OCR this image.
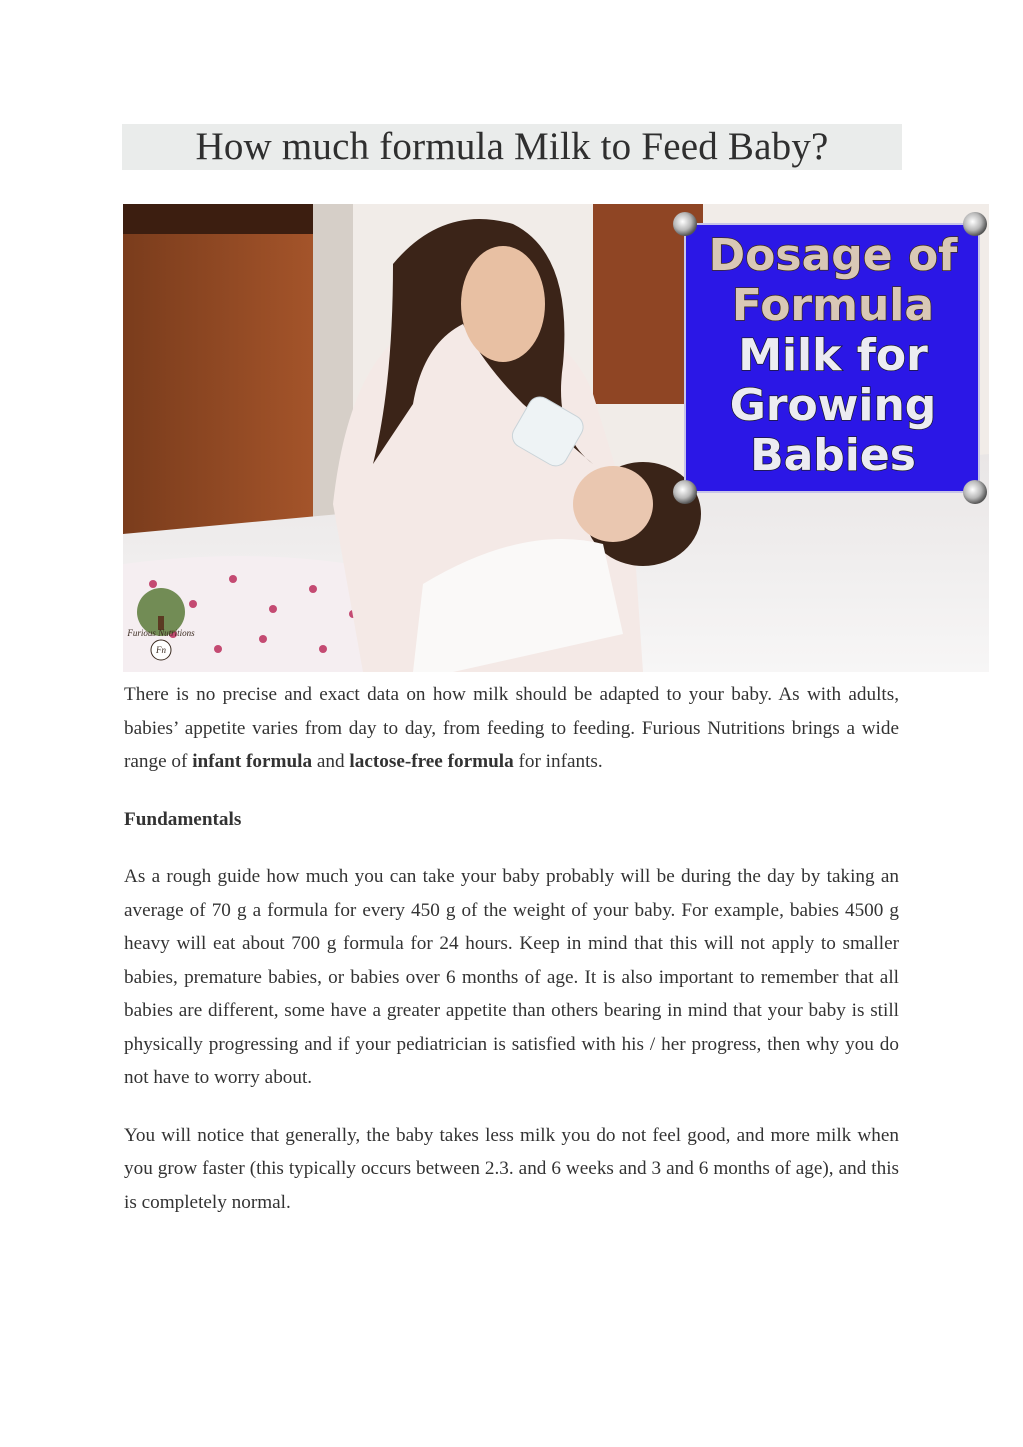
How much formula Milk to Feed Baby?
Dosage of
Formula
Milk for
Growing
Babies
Furious Nutritions
Fn

There is no precise and exact data on how milk should be adapted to your baby. As with adults, babies’ appetite varies from day to day, from feeding to feeding. Furious Nutritions brings a wide range of infant formula and lactose-free formula for infants.

Fundamentals

As a rough guide how much you can take your baby probably will be during the day by taking an average of 70 g a formula for every 450 g of the weight of your baby. For example, babies 4500 g heavy will eat about 700 g formula for 24 hours. Keep in mind that this will not apply to smaller babies, premature babies, or babies over 6 months of age. It is also important to remember that all babies are different, some have a greater appetite than others bearing in mind that your baby is still physically progressing and if your pediatrician is satisfied with his / her progress, then why you do not have to worry about.

You will notice that generally, the baby takes less milk you do not feel good, and more milk when you grow faster (this typically occurs between 2.3. and 6 weeks and 3 and 6 months of age), and this is completely normal.
